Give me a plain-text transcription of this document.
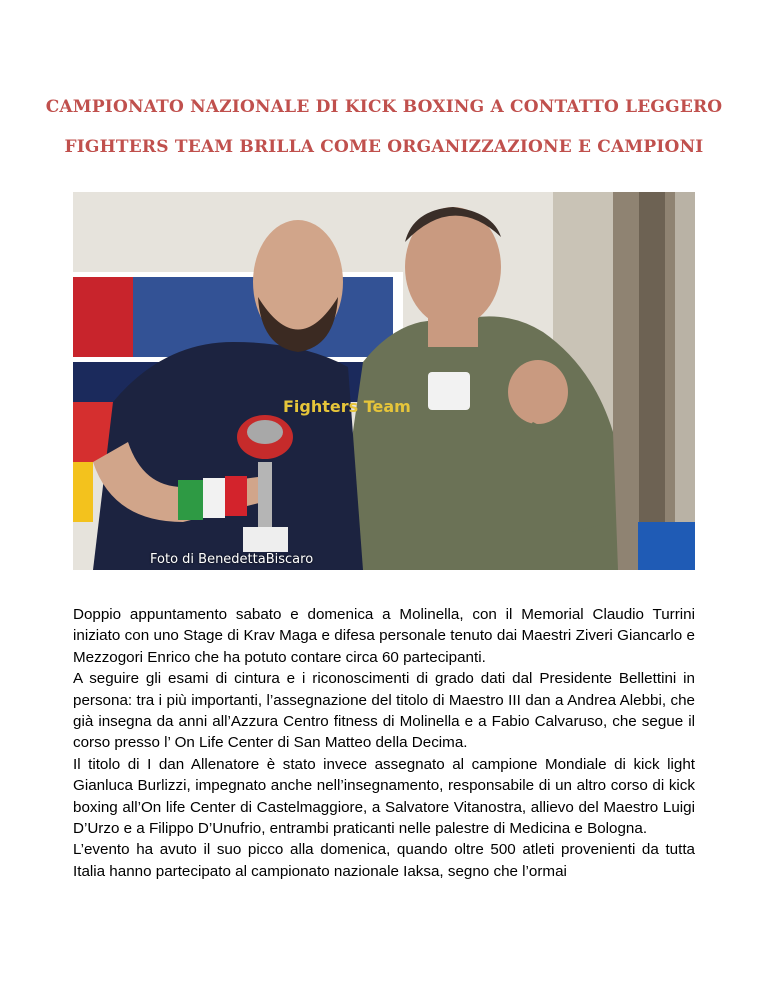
CAMPIONATO NAZIONALE DI KICK BOXING A CONTATTO LEGGERO
FIGHTERS TEAM BRILLA COME ORGANIZZAZIONE E CAMPIONI
Fighters Team
Foto di BenedettaBiscaro

Doppio appuntamento sabato e domenica a Molinella, con il Memorial Claudio Turrini iniziato con uno Stage di Krav Maga e difesa personale tenuto dai Maestri Ziveri Giancarlo e Mezzogori Enrico che ha potuto contare circa 60 partecipanti.

A seguire gli esami di cintura e i riconoscimenti di grado dati dal Presidente Bellettini in persona: tra i più importanti, l’assegnazione del titolo di Maestro III dan a Andrea Alebbi, che già insegna da anni all’Azzura Centro fitness di Molinella e a Fabio Calvaruso, che segue il corso presso l’ On Life Center di San Matteo della Decima.

Il titolo di I dan Allenatore è stato invece assegnato al campione Mondiale di kick light Gianluca Burlizzi, impegnato anche nell’insegnamento, responsabile di un altro corso di kick boxing all’On life Center di Castelmaggiore, a Salvatore Vitanostra, allievo del Maestro Luigi D’Urzo e a Filippo D’Unufrio, entrambi praticanti nelle palestre di Medicina e Bologna.

L’evento ha avuto il suo picco alla domenica, quando oltre 500 atleti provenienti da tutta Italia hanno partecipato al campionato nazionale Iaksa, segno che l’ormai
